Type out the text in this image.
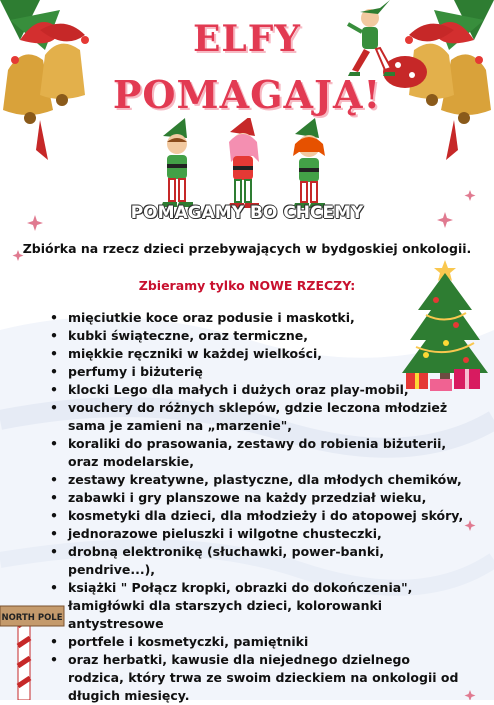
ELFY
POMAGAJĄ!
POMAGAMY BO CHCEMY
Zbiórka na rzecz dzieci przebywających w bydgoskiej onkologii.
Zbieramy tylko NOWE RZECZY:
NORTH POLE
• mięciutkie koce oraz podusie i maskotki,
• kubki świąteczne, oraz termiczne,
• miękkie ręczniki w każdej wielkości,
• perfumy i biżuterię
• klocki Lego dla małych i dużych oraz play-mobil,
• vouchery do różnych sklepów, gdzie leczona młodzież sama je zamieni na „marzenie",
• koraliki do prasowania, zestawy do robienia biżuterii, oraz modelarskie,
• zestawy kreatywne, plastyczne, dla młodych chemików,
• zabawki i gry planszowe na każdy przedział wieku,
• kosmetyki dla dzieci, dla młodzieży i do atopowej skóry,
• jednorazowe pieluszki i wilgotne chusteczki,
• drobną elektronikę (słuchawki, power-banki, pendrive...),
• książki " Połącz kropki, obrazki do dokończenia", łamigłówki dla starszych dzieci, kolorowanki antystresowe
• portfele i kosmetyczki, pamiętniki
• oraz herbatki, kawusie dla niejednego dzielnego rodzica, który trwa ze swoim dzieckiem na onkologii od długich miesięcy.
